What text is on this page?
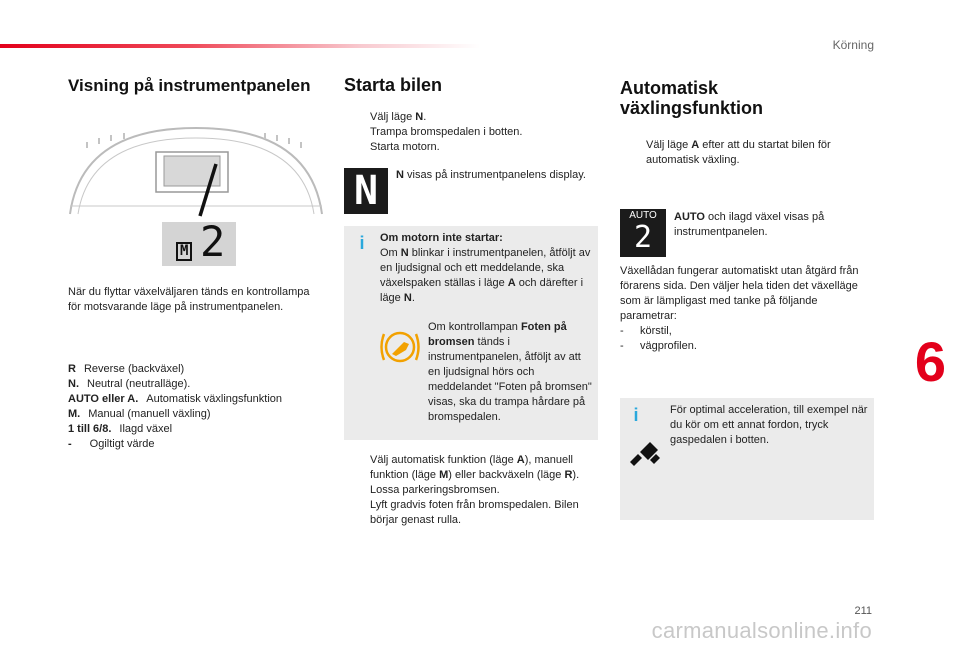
Körning
Visning på instrumentpanelen
M 2

När du flyttar växelväljaren tänds en kontrollampa för motsvarande läge på instrumentpanelen.

R Reverse (backväxel)
N. Neutral (neutralläge).
AUTO eller A. Automatisk växlingsfunktion
M. Manual (manuell växling)
1 till 6/8. Ilagd växel
- Ogiltigt värde
Starta bilen
Välj läge N.
Trampa bromspedalen i botten.
Starta motorn.
N	N visas på instrumentpanelens display.

i	Om motorn inte startar:

Om N blinkar i instrumentpanelen, åtföljt av en ljudsignal och ett meddelande, ska växelspaken ställas i läge A och därefter i läge N.

Om kontrollampan Foten på bromsen tänds i instrumentpanelen, åtföljt av att en ljudsignal hörs och meddelandet "Foten på bromsen" visas, ska du trampa hårdare på bromspedalen.

Välj automatisk funktion (läge A), manuell funktion (läge M) eller backväxeln (läge R).
Lossa parkeringsbromsen.
Lyft gradvis foten från bromspedalen. Bilen börjar genast rulla.
Automatisk
växlingsfunktion
Välj läge A efter att du startat bilen för automatisk växling.
AUTO
2

AUTO och ilagd växel visas på instrumentpanelen.

Växellådan fungerar automatiskt utan åtgärd från förarens sida. Den väljer hela tiden det växelläge som är lämpligast med tanke på följande parametrar:

- körstil,
- vägprofilen.
i	För optimal acceleration, till exempel när du kör om ett annat fordon, tryck gaspedalen i botten.

6
211
carmanualsonline.info
